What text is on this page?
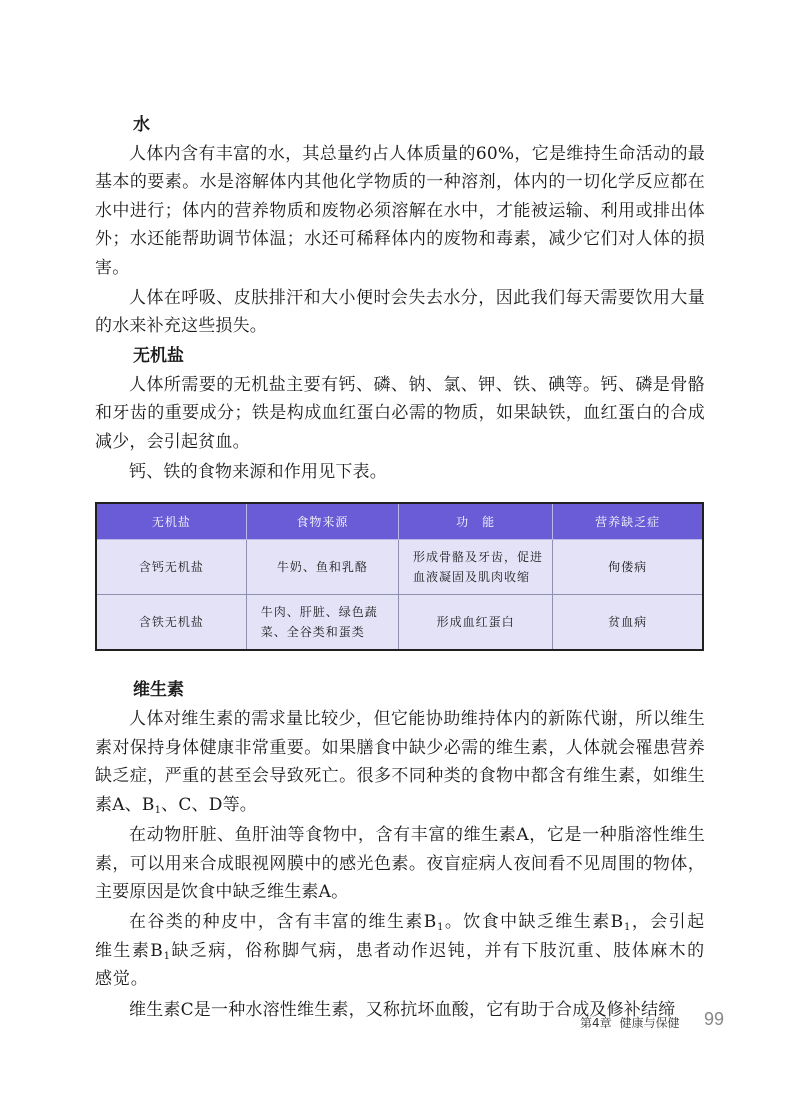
水

人体内含有丰富的水，其总量约占人体质量的60%，它是维持生命活动的最基本的要素。水是溶解体内其他化学物质的一种溶剂，体内的一切化学反应都在水中进行；体内的营养物质和废物必须溶解在水中，才能被运输、利用或排出体外；水还能帮助调节体温；水还可稀释体内的废物和毒素，减少它们对人体的损害。

人体在呼吸、皮肤排汗和大小便时会失去水分，因此我们每天需要饮用大量的水来补充这些损失。

无机盐

人体所需要的无机盐主要有钙、磷、钠、氯、钾、铁、碘等。钙、磷是骨骼和牙齿的重要成分；铁是构成血红蛋白必需的物质，如果缺铁，血红蛋白的合成减少，会引起贫血。

钙、铁的食物来源和作用见下表。

无机盐	食物来源	功　能	营养缺乏症
含钙无机盐	牛奶、鱼和乳酪	形成骨骼及牙齿，促进血液凝固及肌肉收缩	佝偻病
含铁无机盐	牛肉、肝脏、绿色蔬菜、全谷类和蛋类	形成血红蛋白	贫血病
维生素

人体对维生素的需求量比较少，但它能协助维持体内的新陈代谢，所以维生素对保持身体健康非常重要。如果膳食中缺少必需的维生素，人体就会罹患营养缺乏症，严重的甚至会导致死亡。很多不同种类的食物中都含有维生素，如维生素A、$B_1$、C、D等。

在动物肝脏、鱼肝油等食物中，含有丰富的维生素A，它是一种脂溶性维生素，可以用来合成眼视网膜中的感光色素。夜盲症病人夜间看不见周围的物体，主要原因是饮食中缺乏维生素A。

在谷类的种皮中，含有丰富的维生素$B_1$。饮食中缺乏维生素$B_1$，会引起维生素$B_1$缺乏病，俗称脚气病，患者动作迟钝，并有下肢沉重、肢体麻木的感觉。

维生素C是一种水溶性维生素，又称抗坏血酸，它有助于合成及修补结缔

第4章 健康与保健 99
